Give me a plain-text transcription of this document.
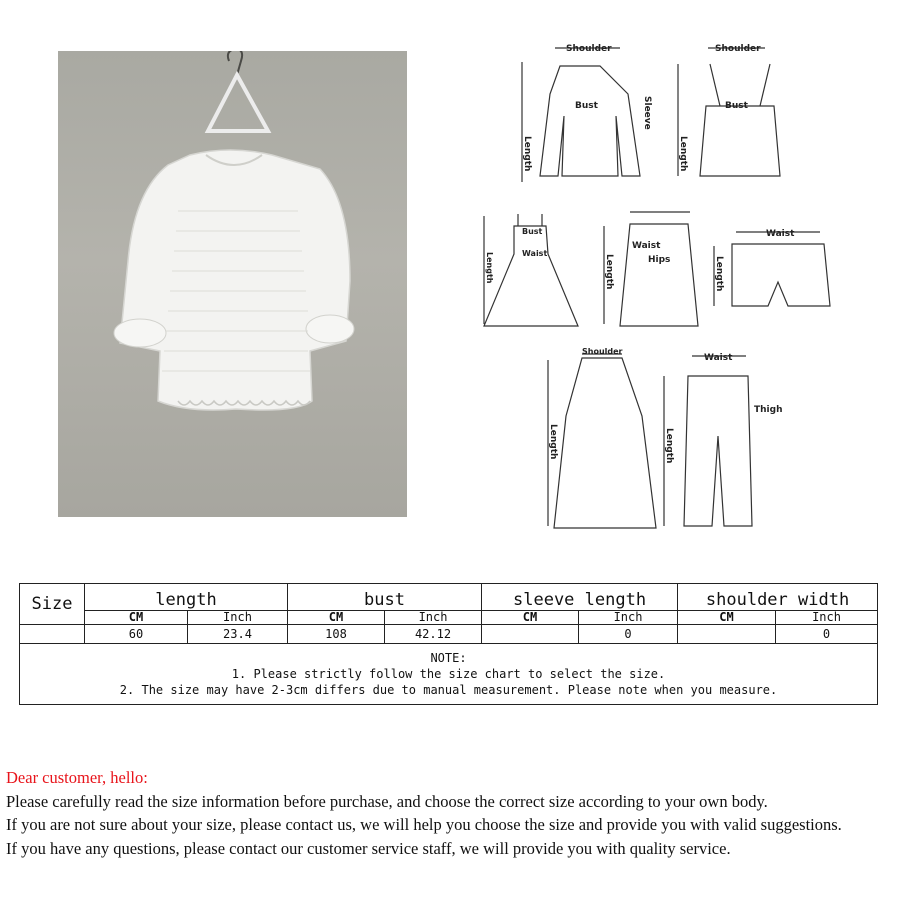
Shoulder	Shoulder
Bust	Bust
Waist
Waist
Waist
Hips
Thigh
Shoulder
Bust
Waist
Length	Length
Sleeve
Length	Length	Length
Length	Length
Size	length		bust		sleeve length		shoulder width	
	CM	Inch	CM	Inch	CM	Inch	CM	Inch
	60	23.4	108	42.12		0		0

NOTE:
1. Please strictly follow the size chart to select the size.
2. The size may have 2-3cm differs due to manual measurement. Please note when you measure.								

Dear customer, hello:

Please carefully read the size information before purchase, and choose the correct size according to your own body.

If you are not sure about your size, please contact us, we will help you choose the size and provide you with valid suggestions.

If you have any questions, please contact our customer service staff, we will provide you with quality service.
